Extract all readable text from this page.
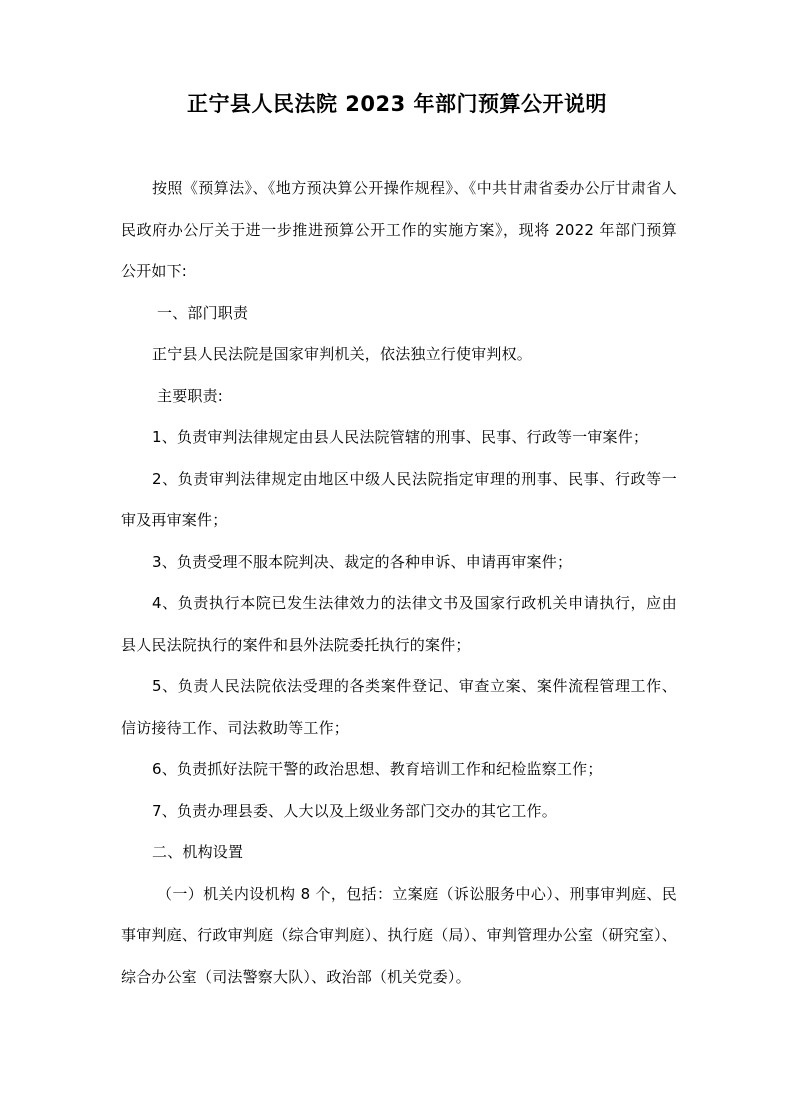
正宁县人民法院 2023 年部门预算公开说明

按照《预算法》、《地方预决算公开操作规程》、《中共甘肃省委办公厅甘肃省人民政府办公厅关于进一步推进预算公开工作的实施方案》，现将 2022 年部门预算公开如下:

一、部门职责

正宁县人民法院是国家审判机关，依法独立行使审判权。

主要职责:

1、负责审判法律规定由县人民法院管辖的刑事、民事、行政等一审案件；

2、负责审判法律规定由地区中级人民法院指定审理的刑事、民事、行政等一审及再审案件；

3、负责受理不服本院判决、裁定的各种申诉、申请再审案件；

4、负责执行本院已发生法律效力的法律文书及国家行政机关申请执行，应由县人民法院执行的案件和县外法院委托执行的案件；

5、负责人民法院依法受理的各类案件登记、审查立案、案件流程管理工作、信访接待工作、司法救助等工作；

6、负责抓好法院干警的政治思想、教育培训工作和纪检监察工作；

7、负责办理县委、人大以及上级业务部门交办的其它工作。

二、机构设置

（一）机关内设机构 8 个，包括：立案庭（诉讼服务中心）、刑事审判庭、民事审判庭、行政审判庭（综合审判庭）、执行庭（局）、审判管理办公室（研究室）、综合办公室（司法警察大队）、政治部（机关党委）。
